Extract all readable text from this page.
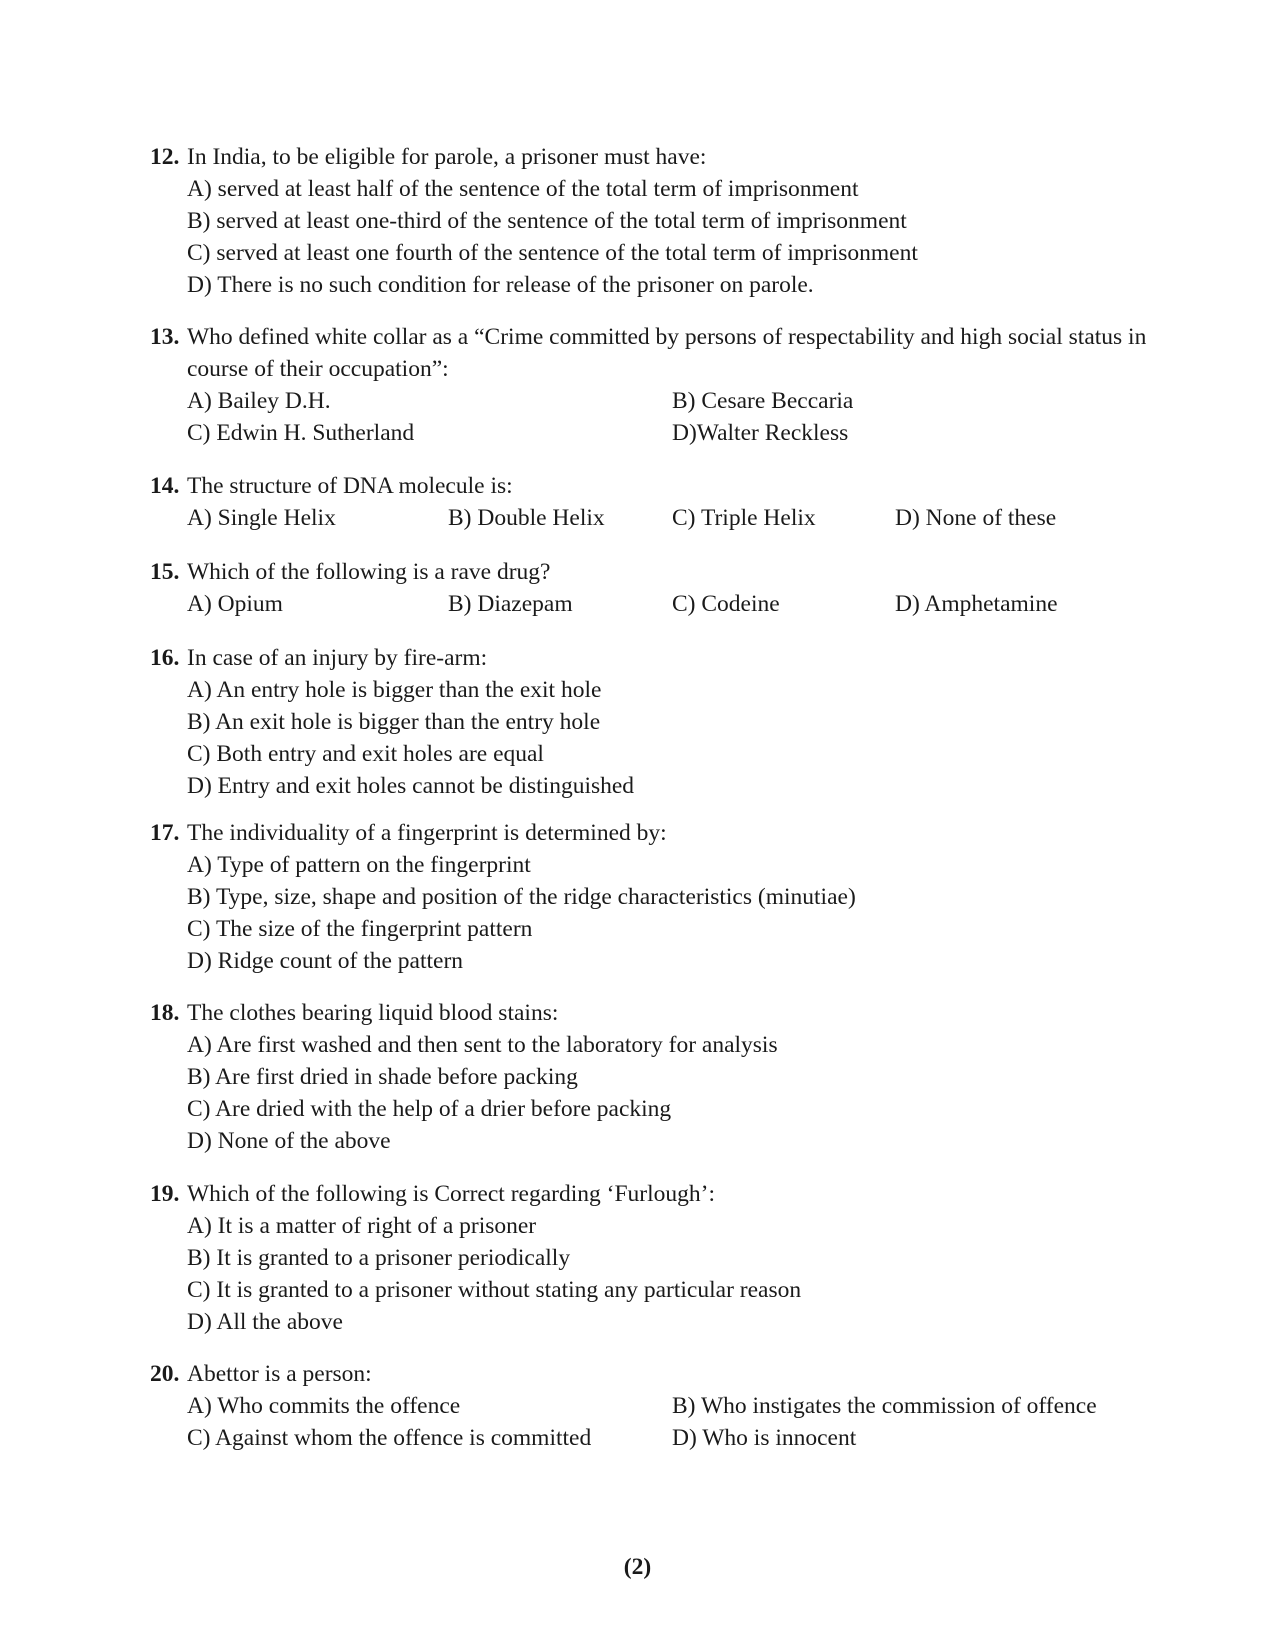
12. In India, to be eligible for parole, a prisoner must have:
A) served at least half of the sentence of the total term of imprisonment
B) served at least one-third of the sentence of the total term of imprisonment
C) served at least one fourth of the sentence of the total term of imprisonment
D) There is no such condition for release of the prisoner on parole.
13. Who defined white collar as a “Crime committed by persons of respectability and high social status in course of their occupation”:
A) Bailey D.H.	B) Cesare Beccaria
C) Edwin H. Sutherland	D)Walter Reckless
14. The structure of DNA molecule is:
A) Single Helix	B) Double Helix	C) Triple Helix	D) None of these
15. Which of the following is a rave drug?
A) Opium	B) Diazepam	C) Codeine	D) Amphetamine
16. In case of an injury by fire-arm:
A) An entry hole is bigger than the exit hole
B) An exit hole is bigger than the entry hole
C) Both entry and exit holes are equal
D) Entry and exit holes cannot be distinguished
17. The individuality of a fingerprint is determined by:
A) Type of pattern on the fingerprint
B) Type, size, shape and position of the ridge characteristics (minutiae)
C) The size of the fingerprint pattern
D) Ridge count of the pattern
18. The clothes bearing liquid blood stains:
A) Are first washed and then sent to the laboratory for analysis
B) Are first dried in shade before packing
C) Are dried with the help of a drier before packing
D) None of the above
19. Which of the following is Correct regarding ‘Furlough’:
A) It is a matter of right of a prisoner
B) It is granted to a prisoner periodically
C) It is granted to a prisoner without stating any particular reason
D) All the above
20. Abettor is a person:
A) Who commits the offence	B) Who instigates the commission of offence
C) Against whom the offence is committed	D) Who is innocent
(2)
